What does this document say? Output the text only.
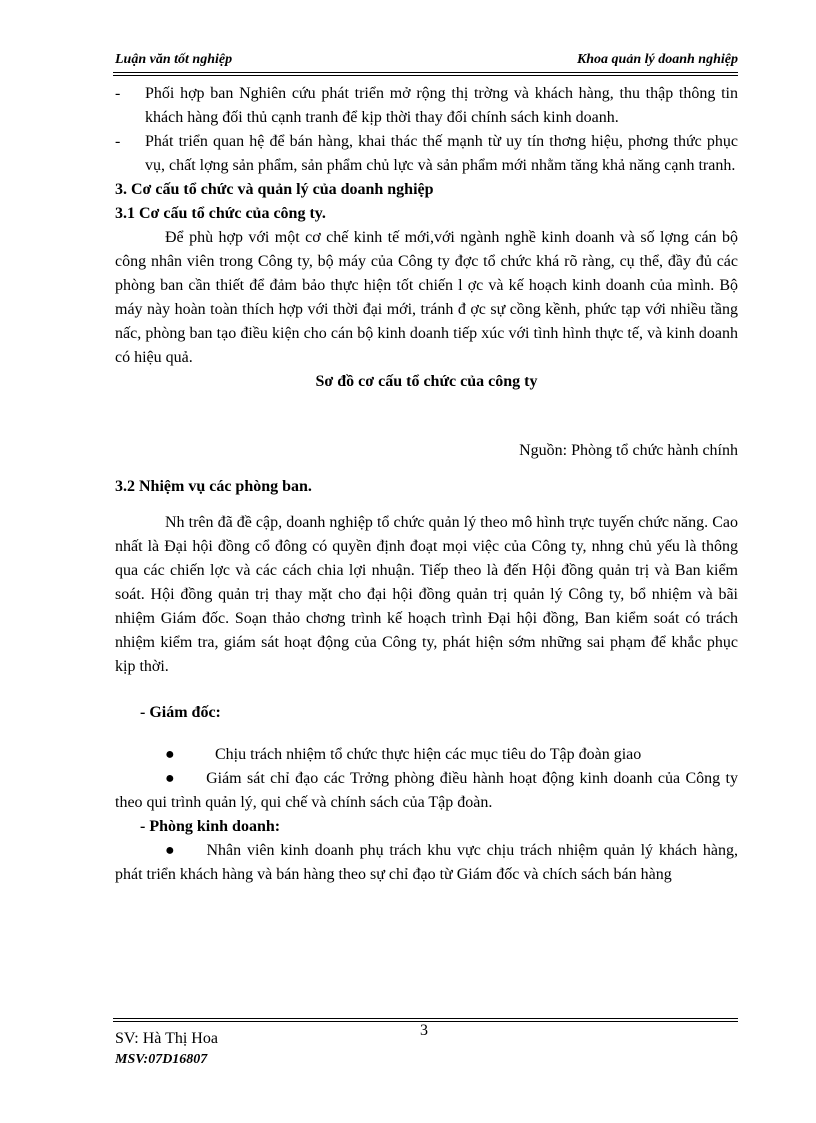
Luận văn tốt nghiệp	Khoa quản lý doanh nghiệp
-	Phối hợp ban Nghiên cứu phát triển mở rộng thị trờng và khách hàng, thu thập thông tin khách hàng đối thủ cạnh tranh để kịp thời thay đổi chính sách kinh doanh.
-	Phát triển quan hệ để bán hàng, khai thác thế mạnh từ uy tín thơng hiệu, phơng thức phục vụ, chất lợng sản phẩm, sản phẩm chủ lực và sản phẩm mới nhằm tăng khả năng cạnh tranh.
3. Cơ cấu tổ chức và quản lý của doanh nghiệp
3.1 Cơ cấu tổ chức của công ty.

Để phù hợp với một cơ chế kinh tế mới,với ngành nghề kinh doanh và số lợng cán bộ công nhân viên trong Công ty, bộ máy của Công ty đợc tổ chức khá rõ ràng, cụ thể, đầy đủ các phòng ban cần thiết để đảm bảo thực hiện tốt chiến l ợc và kế hoạch kinh doanh của mình. Bộ máy này hoàn toàn thích hợp với thời đại mới, tránh đ ợc sự cồng kềnh, phức tạp với nhiều tầng nấc, phòng ban tạo điều kiện cho cán bộ kinh doanh tiếp xúc với tình hình thực tế, và kinh doanh có hiệu quả.

Sơ đồ cơ cấu tổ chức của công ty
Nguồn: Phòng tổ chức hành chính
3.2 Nhiệm vụ các phòng ban.

Nh trên đã đề cập, doanh nghiệp tổ chức quản lý theo mô hình trực tuyến chức năng. Cao nhất là Đại hội đồng cổ đông có quyền định đoạt mọi việc của Công ty, nhng chủ yếu là thông qua các chiến lợc và các cách chia lợi nhuận. Tiếp theo là đến Hội đồng quản trị và Ban kiểm soát. Hội đồng quản trị thay mặt cho đại hội đồng quản trị quản lý Công ty, bổ nhiệm và bãi nhiệm Giám đốc. Soạn thảo chơng trình kế hoạch trình Đại hội đồng, Ban kiểm soát có trách nhiệm kiểm tra, giám sát hoạt động của Công ty, phát hiện sớm những sai phạm để khắc phục kịp thời.

- Giám đốc:
●	Chịu trách nhiệm tổ chức thực hiện các mục tiêu do Tập đoàn giao

● Giám sát chỉ đạo các Trởng phòng điều hành hoạt động kinh doanh của Công ty theo qui trình quản lý, qui chế và chính sách của Tập đoàn.

- Phòng kinh doanh:

● Nhân viên kinh doanh phụ trách khu vực chịu trách nhiệm quản lý khách hàng, phát triển khách hàng và bán hàng theo sự chỉ đạo từ Giám đốc và chích sách bán hàng

3
SV: Hà Thị Hoa
MSV:07D16807
